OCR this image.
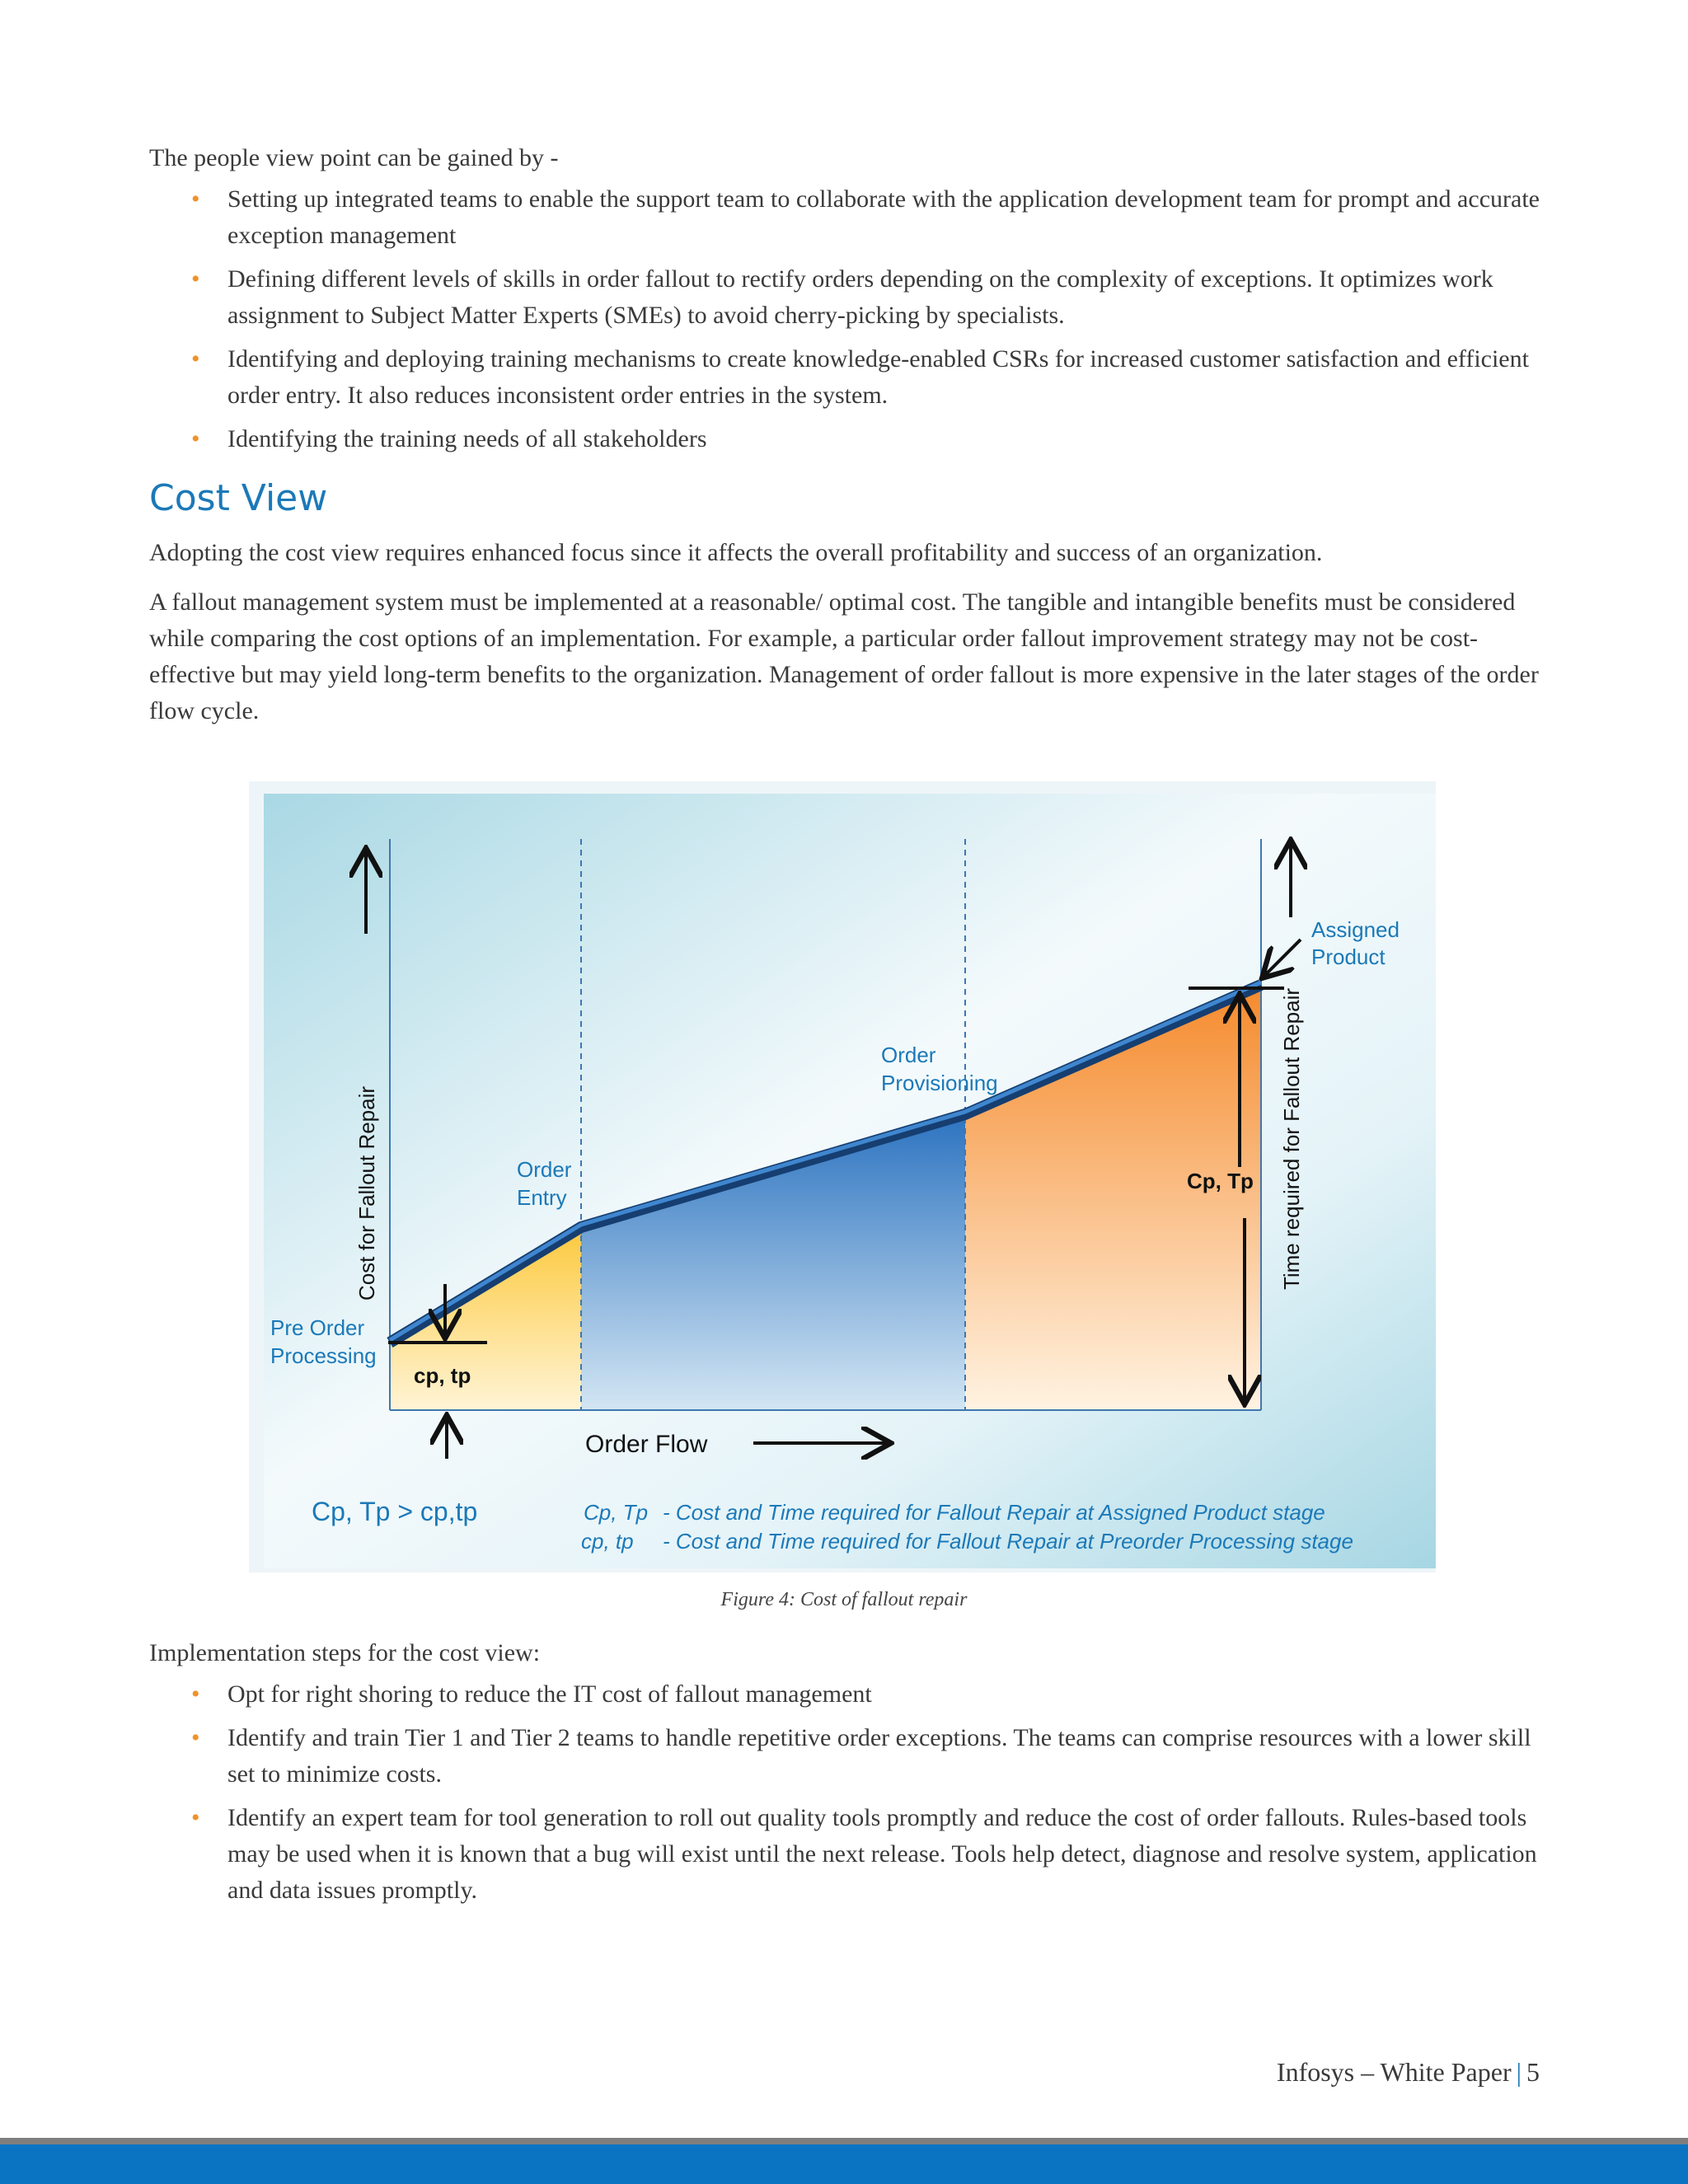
The people view point can be gained by -

• Setting up integrated teams to enable the support team to collaborate with the application development team for prompt and accurate exception management
• Defining different levels of skills in order fallout to rectify orders depending on the complexity of exceptions. It optimizes work assignment to Subject Matter Experts (SMEs) to avoid cherry-picking by specialists.
• Identifying and deploying training mechanisms to create knowledge-enabled CSRs for increased customer satisfaction and efficient order entry. It also reduces inconsistent order entries in the system.
• Identifying the training needs of all stakeholders
Cost View

Adopting the cost view requires enhanced focus since it affects the overall profitability and success of an organization.

A fallout management system must be implemented at a reasonable/ optimal cost. The tangible and intangible benefits must be considered while comparing the cost options of an implementation. For example, a particular order fallout improvement strategy may not be cost-effective but may yield long-term benefits to the organization. Management of order fallout is more expensive in the later stages of the order flow cycle.

Cost for Fallout Repair	Time required for Fallout Repair
Order Flow
Pre Order
Processing
Order
Entry
Order
Provisioning
Assigned
Product
cp, tp
Cp, Tp
Cp, Tp > cp,tp	Cp, Tp - Cost and Time required for Fallout Repair at Assigned Product stage
cp, tp - Cost and Time required for Fallout Repair at Preorder Processing stage
Figure 4: Cost of fallout repair

Implementation steps for the cost view:

• Opt for right shoring to reduce the IT cost of fallout management
• Identify and train Tier 1 and Tier 2 teams to handle repetitive order exceptions. The teams can comprise resources with a lower skill set to minimize costs.
• Identify an expert team for tool generation to roll out quality tools promptly and reduce the cost of order fallouts. Rules-based tools may be used when it is known that a bug will exist until the next release. Tools help detect, diagnose and resolve system, application and data issues promptly.
Infosys – White Paper | 5
